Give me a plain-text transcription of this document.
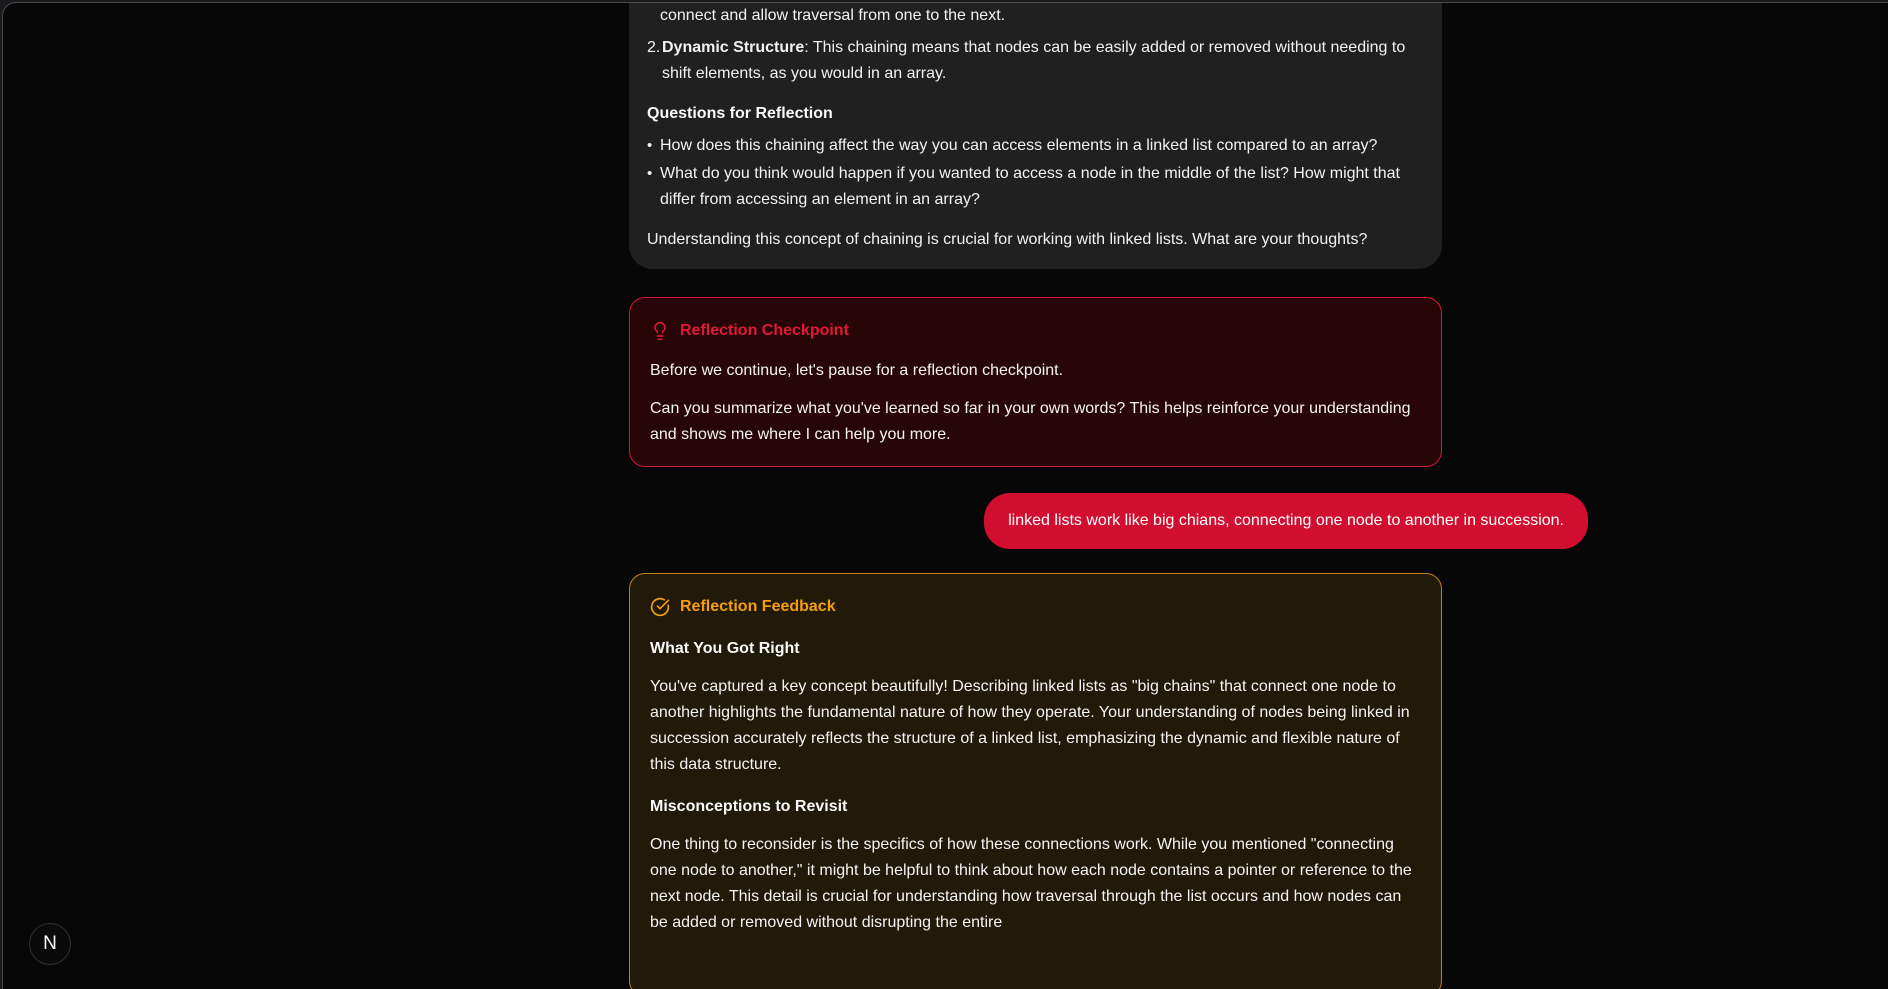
connect and allow traversal from one to the next.
2. Dynamic Structure: This chaining means that nodes can be easily added or removed without needing to shift elements, as you would in an array.
Questions for Reflection
• How does this chaining affect the way you can access elements in a linked list compared to an array?
• What do you think would happen if you wanted to access a node in the middle of the list? How might that differ from accessing an element in an array?

Understanding this concept of chaining is crucial for working with linked lists. What are your thoughts?

Reflection Checkpoint

Before we continue, let's pause for a reflection checkpoint.

Can you summarize what you've learned so far in your own words? This helps reinforce your understanding and shows me where I can help you more.

linked lists work like big chians, connecting one node to another in succession.
Reflection Feedback
What You Got Right

You've captured a key concept beautifully! Describing linked lists as "big chains" that connect one node to another highlights the fundamental nature of how they operate. Your understanding of nodes being linked in succession accurately reflects the structure of a linked list, emphasizing the dynamic and flexible nature of this data structure.

Misconceptions to Revisit

One thing to reconsider is the specifics of how these connections work. While you mentioned "connecting one node to another," it might be helpful to think about how each node contains a pointer or reference to the next node. This detail is crucial for understanding how traversal through the list occurs and how nodes can be added or removed without disrupting the entire

N
